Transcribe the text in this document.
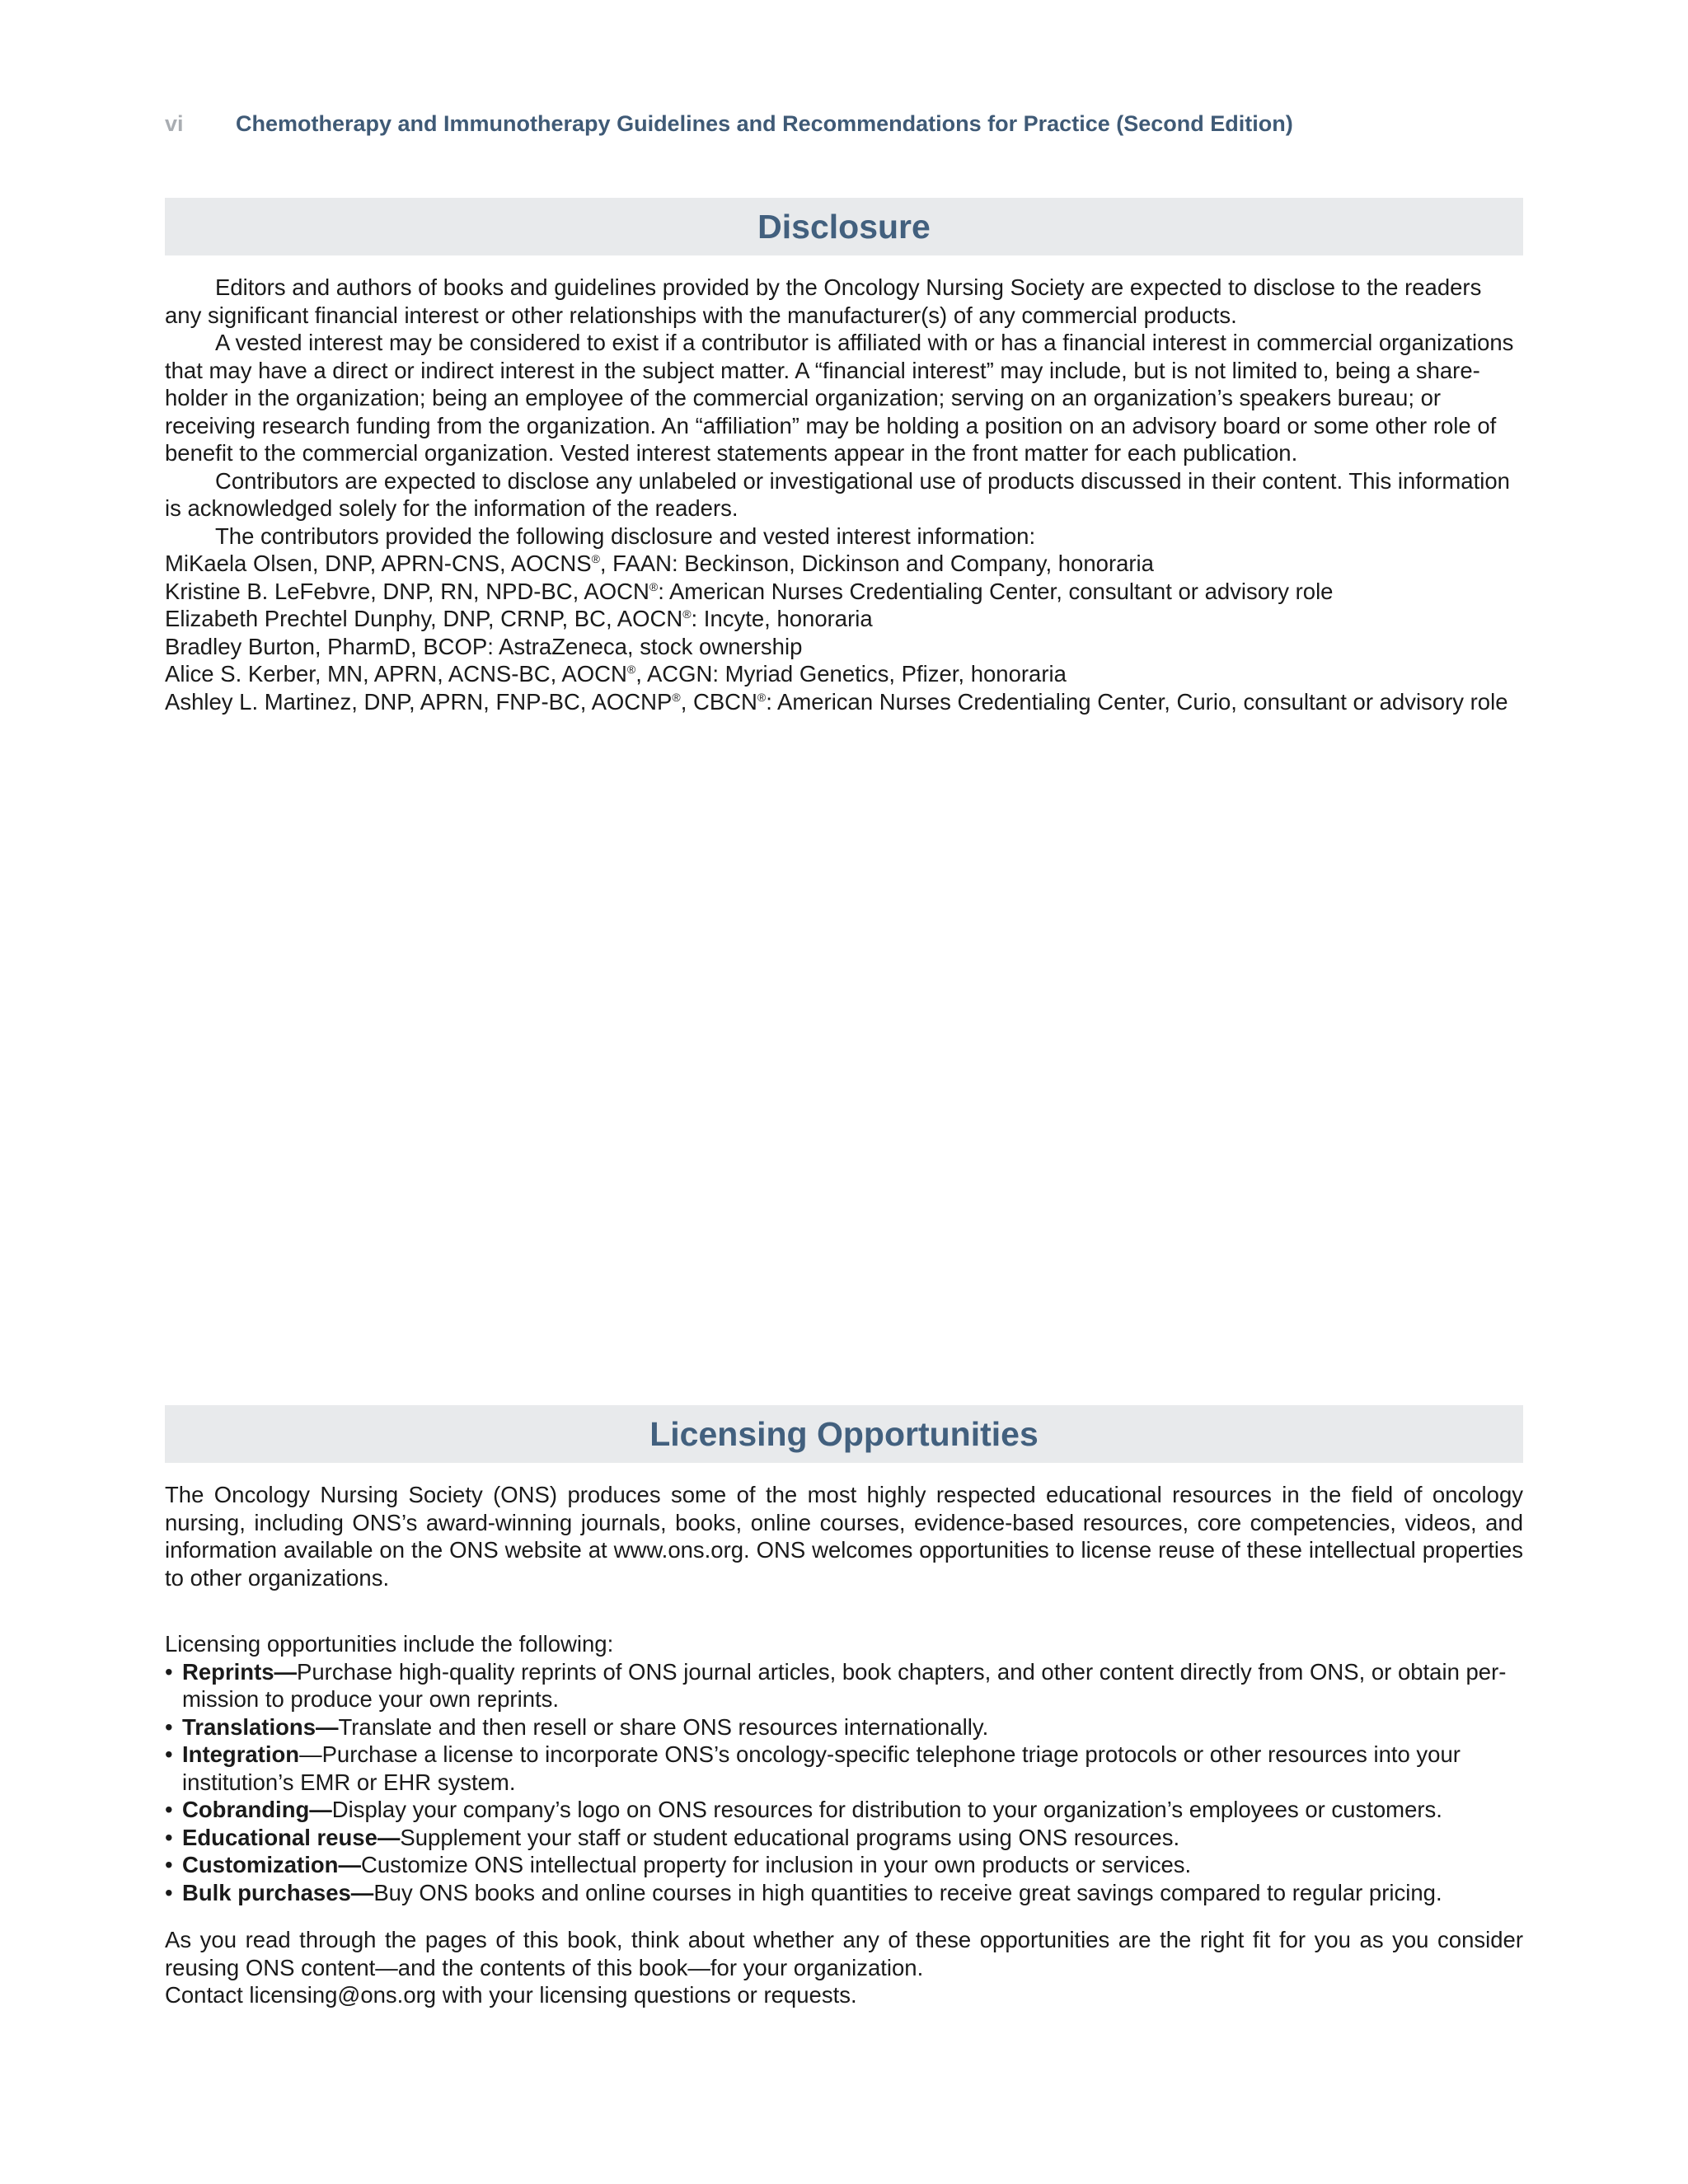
vi	Chemotherapy and Immunotherapy Guidelines and Recommendations for Practice (Second Edition)
Disclosure

Editors and authors of books and guidelines provided by the Oncology Nursing Society are expected to disclose to the readers any significant financial interest or other relationships with the manufacturer(s) of any commercial products.

A vested interest may be considered to exist if a contributor is affiliated with or has a financial interest in commercial organizations that may have a direct or indirect interest in the subject matter. A “financial interest” may include, but is not limited to, being a shareholder in the organization; being an employee of the commercial organization; serving on an organization’s speakers bureau; or receiving research funding from the organization. An “affiliation” may be holding a position on an advisory board or some other role of benefit to the commercial organization. Vested interest statements appear in the front matter for each publication.

Contributors are expected to disclose any unlabeled or investigational use of products discussed in their content. This information is acknowledged solely for the information of the readers.

The contributors provided the following disclosure and vested interest information:

MiKaela Olsen, DNP, APRN-CNS, AOCNS®, FAAN: Beckinson, Dickinson and Company, honoraria

Kristine B. LeFebvre, DNP, RN, NPD-BC, AOCN®: American Nurses Credentialing Center, consultant or advisory role

Elizabeth Prechtel Dunphy, DNP, CRNP, BC, AOCN®: Incyte, honoraria

Bradley Burton, PharmD, BCOP: AstraZeneca, stock ownership

Alice S. Kerber, MN, APRN, ACNS-BC, AOCN®, ACGN: Myriad Genetics, Pfizer, honoraria

Ashley L. Martinez, DNP, APRN, FNP-BC, AOCNP®, CBCN®: American Nurses Credentialing Center, Curio, consultant or advisory role

Licensing Opportunities

The Oncology Nursing Society (ONS) produces some of the most highly respected educational resources in the field of oncology nursing, including ONS’s award-winning journals, books, online courses, evidence-based resources, core competencies, videos, and information available on the ONS website at www.ons.org. ONS welcomes opportunities to license reuse of these intellectual properties to other organizations.

Licensing opportunities include the following:

• Reprints—Purchase high-quality reprints of ONS journal articles, book chapters, and other content directly from ONS, or obtain permission to produce your own reprints.
• Translations—Translate and then resell or share ONS resources internationally.
• Integration—Purchase a license to incorporate ONS’s oncology-specific telephone triage protocols or other resources into your institution’s EMR or EHR system.
• Cobranding—Display your company’s logo on ONS resources for distribution to your organization’s employees or customers.
• Educational reuse—Supplement your staff or student educational programs using ONS resources.
• Customization—Customize ONS intellectual property for inclusion in your own products or services.
• Bulk purchases—Buy ONS books and online courses in high quantities to receive great savings compared to regular pricing.

As you read through the pages of this book, think about whether any of these opportunities are the right fit for you as you consider reusing ONS content—and the contents of this book—for your organization.

Contact licensing@ons.org with your licensing questions or requests.
